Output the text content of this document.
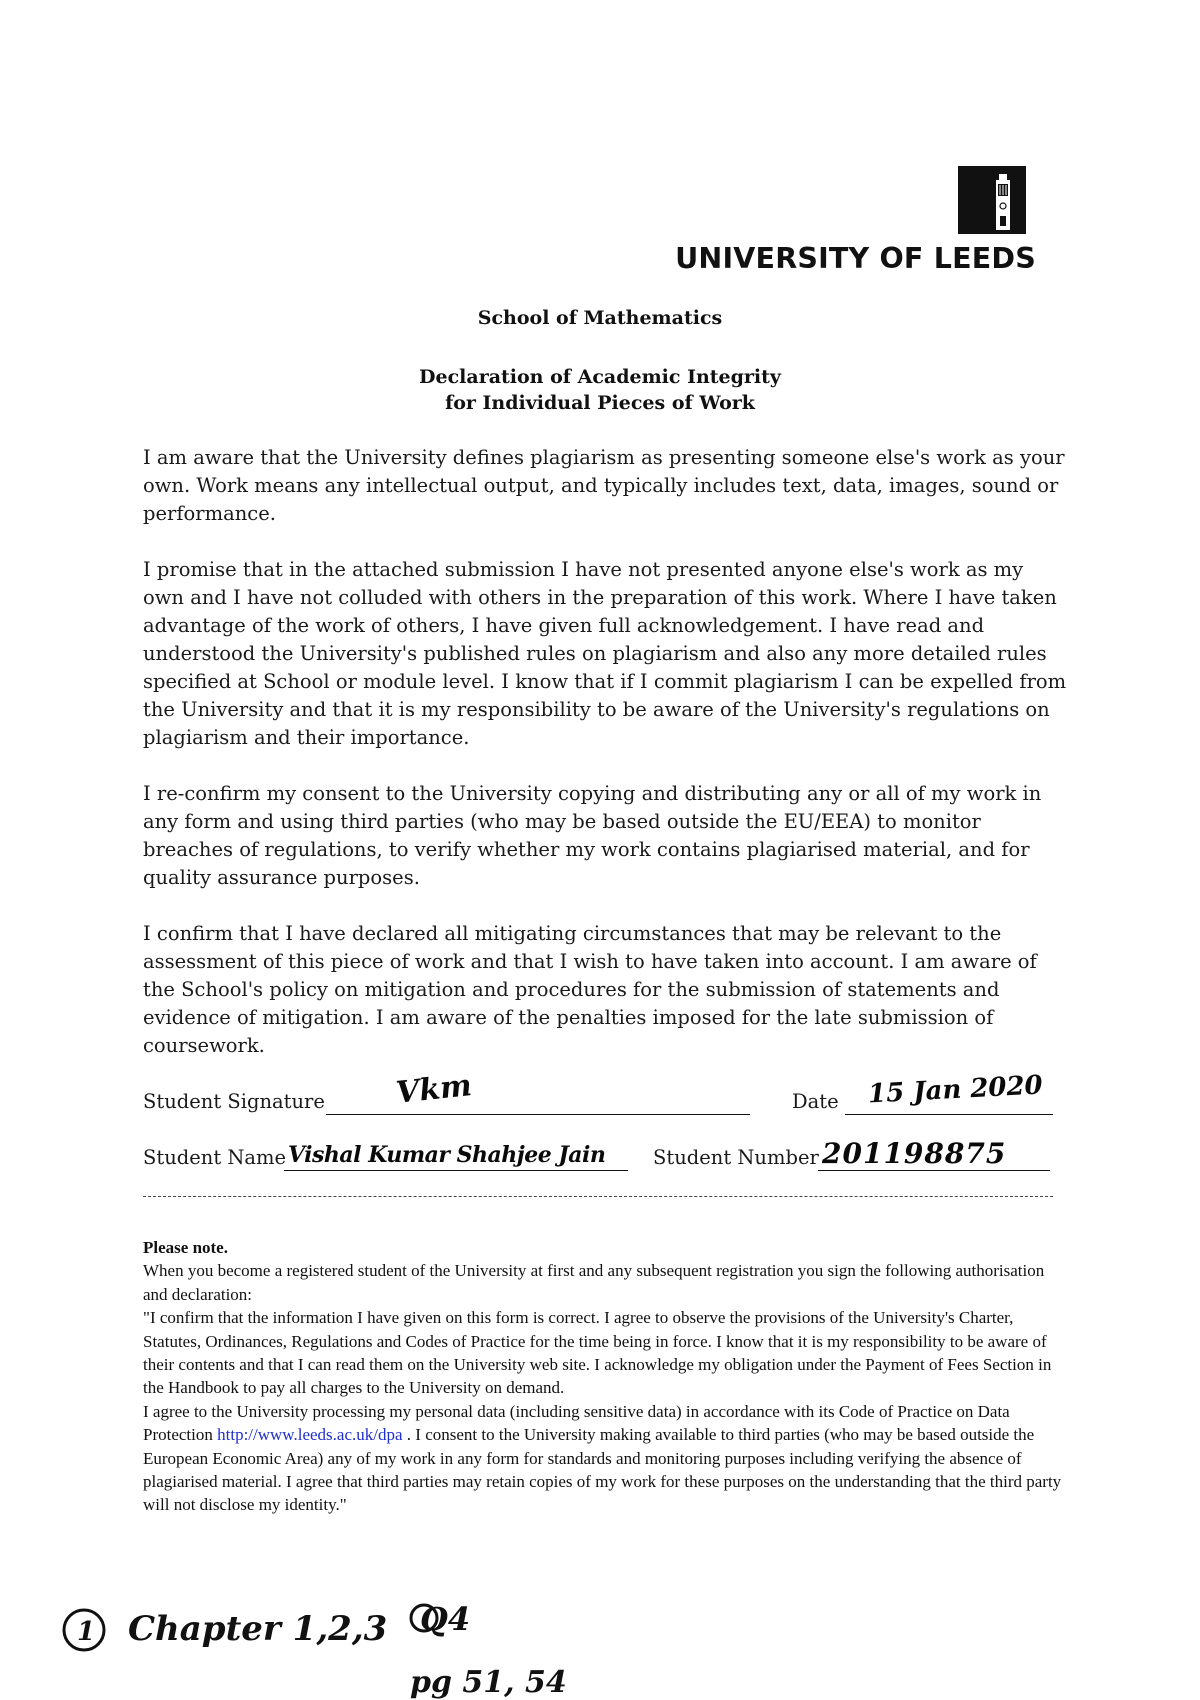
UNIVERSITY OF LEEDS
School of Mathematics
Declaration of Academic Integrity
for Individual Pieces of Work
I am aware that the University defines plagiarism as presenting someone else's work as your own. Work means any intellectual output, and typically includes text, data, images, sound or performance.
I promise that in the attached submission I have not presented anyone else's work as my own and I have not colluded with others in the preparation of this work. Where I have taken advantage of the work of others, I have given full acknowledgement. I have read and understood the University's published rules on plagiarism and also any more detailed rules specified at School or module level. I know that if I commit plagiarism I can be expelled from the University and that it is my responsibility to be aware of the University's regulations on plagiarism and their importance.
I re-confirm my consent to the University copying and distributing any or all of my work in any form and using third parties (who may be based outside the EU/EEA) to monitor breaches of regulations, to verify whether my work contains plagiarised material, and for quality assurance purposes.
I confirm that I have declared all mitigating circumstances that may be relevant to the assessment of this piece of work and that I wish to have taken into account. I am aware of the School's policy on mitigation and procedures for the submission of statements and evidence of mitigation. I am aware of the penalties imposed for the late submission of coursework.
Student Signature Vkm	Date 15 Jan 2020
Student Name Vishal Kumar Shahjee Jain Student Number 201198875
Please note.
When you become a registered student of the University at first and any subsequent registration you sign the following authorisation and declaration:
"I confirm that the information I have given on this form is correct. I agree to observe the provisions of the University's Charter, Statutes, Ordinances, Regulations and Codes of Practice for the time being in force. I know that it is my responsibility to be aware of their contents and that I can read them on the University web site. I acknowledge my obligation under the Payment of Fees Section in the Handbook to pay all charges to the University on demand.
I agree to the University processing my personal data (including sensitive data) in accordance with its Code of Practice on Data Protection http://www.leeds.ac.uk/dpa . I consent to the University making available to third parties (who may be based outside the European Economic Area) any of my work in any form for standards and monitoring purposes including verifying the absence of plagiarised material. I agree that third parties may retain copies of my work for these purposes on the understanding that the third party will not disclose my identity."
1 Chapter 1,2,3 Q4
pg 51, 54
